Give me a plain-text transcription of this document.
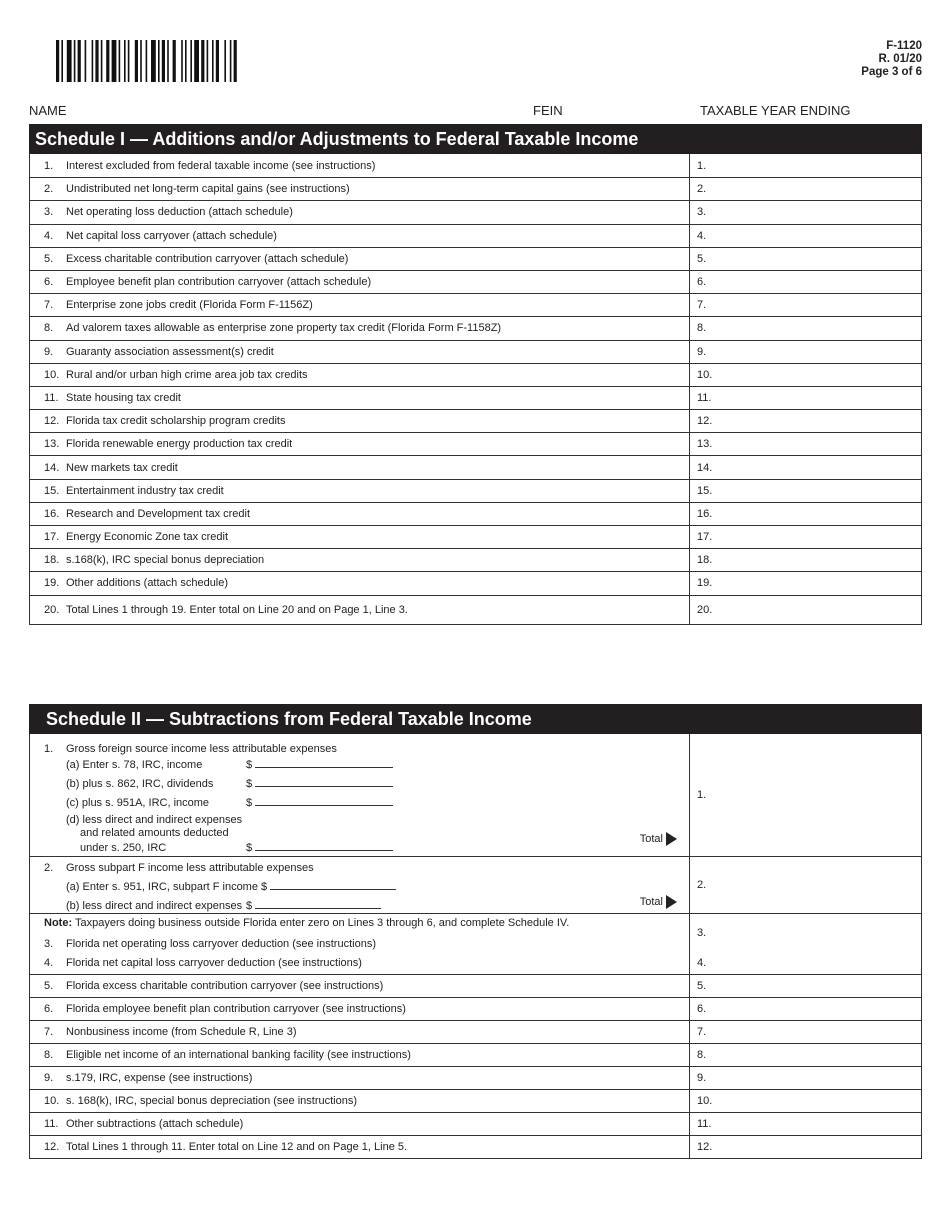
F-1120
R. 01/20
Page 3 of 6
NAME	FEIN	TAXABLE YEAR ENDING
Schedule I — Additions and/or Adjustments to Federal Taxable Income
1.	Interest excluded from federal taxable income (see instructions)	1.
2.	Undistributed net long-term capital gains (see instructions)	2.
3.	Net operating loss deduction (attach schedule)	3.
4.	Net capital loss carryover (attach schedule)	4.
5.	Excess charitable contribution carryover (attach schedule)	5.
6.	Employee benefit plan contribution carryover (attach schedule)	6.
7.	Enterprise zone jobs credit (Florida Form F-1156Z)	7.
8.	Ad valorem taxes allowable as enterprise zone property tax credit (Florida Form F-1158Z)	8.
9.	Guaranty association assessment(s) credit	9.
10. Rural and/or urban high crime area job tax credits	10.
11. State housing tax credit	11.
12. Florida tax credit scholarship program credits	12.
13. Florida renewable energy production tax credit	13.
14. New markets tax credit	14.
15. Entertainment industry tax credit	15.
16. Research and Development tax credit	16.
17. Energy Economic Zone tax credit	17.
18. s.168(k), IRC special bonus depreciation	18.
19. Other additions (attach schedule)	19.
20. Total Lines 1 through 19. Enter total on Line 20 and on Page 1, Line 3.	20.
Schedule II — Subtractions from Federal Taxable Income
1. Gross foreign source income less attributable expenses
(a) Enter s. 78, IRC, income	$
(b) plus s. 862, IRC, dividends	$
(c) plus s. 951A, IRC, income	$
(d) less direct and indirect expenses
and related amounts deducted
under s. 250, IRC	$
Total
1.
2. Gross subpart F income less attributable expenses
(a) Enter s. 951, IRC, subpart F income $
(b) less direct and indirect expenses $	Total
2.
Note: Taxpayers doing business outside Florida enter zero on Lines 3 through 6, and complete Schedule IV.
3. Florida net operating loss carryover deduction (see instructions)
3.
4.	Florida net capital loss carryover deduction (see instructions)	4.
5.	Florida excess charitable contribution carryover (see instructions)	5.
6.	Florida employee benefit plan contribution carryover (see instructions)	6.
7.	Nonbusiness income (from Schedule R, Line 3)	7.
8.	Eligible net income of an international banking facility (see instructions)	8.
9.	s.179, IRC, expense (see instructions)	9.
10. s. 168(k), IRC, special bonus depreciation (see instructions)	10.
11. Other subtractions (attach schedule)	11.
12. Total Lines 1 through 11. Enter total on Line 12 and on Page 1, Line 5.	12.
